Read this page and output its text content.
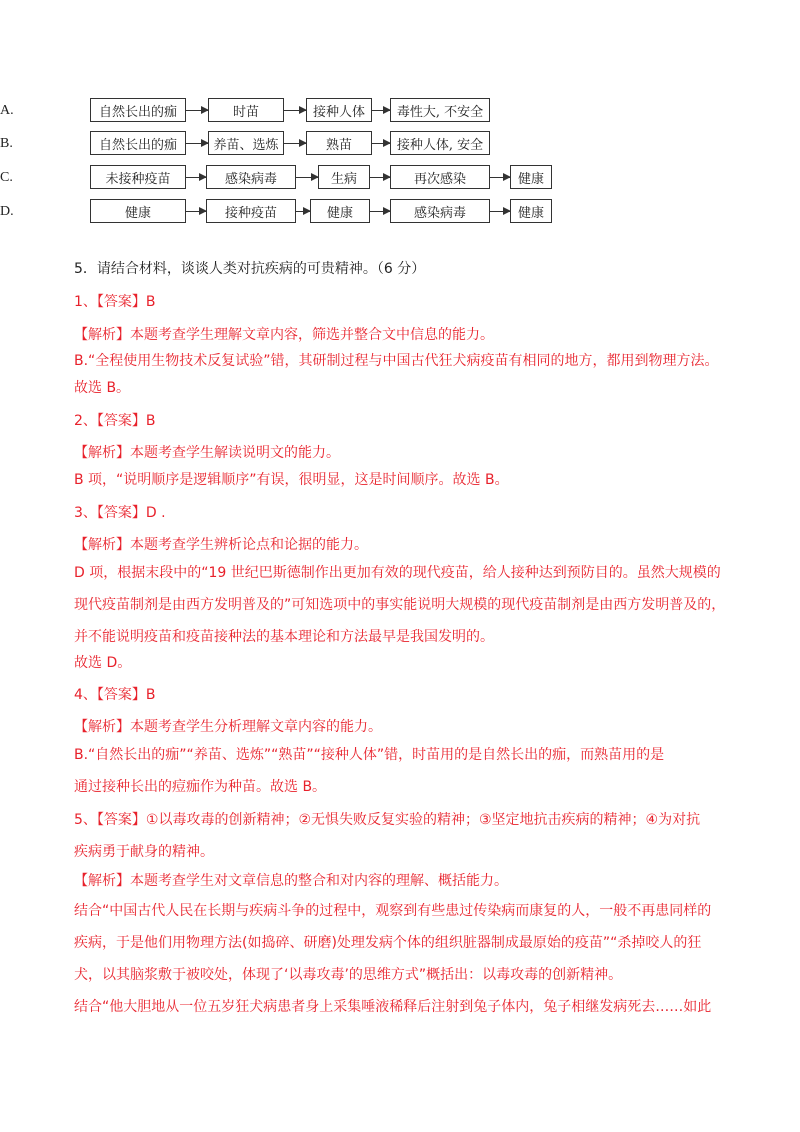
A.	自然长出的痂	时苗	接种人体	毒性大, 不安全
B.	自然长出的痂	养苗、选炼	熟苗	接种人体, 安全
C.	未接种疫苗	感染病毒	生病	再次感染	健康
D.	健康	接种疫苗	健康	感染病毒	健康
5．请结合材料，谈谈人类对抗疾病的可贵精神。（6 分）
1、【答案】B
【解析】本题考查学生理解文章内容，筛选并整合文中信息的能力。
B.“全程使用生物技术反复试验”错，其研制过程与中国古代狂犬病疫苗有相同的地方，都用到物理方法。
故选 B。
2、【答案】B
【解析】本题考查学生解读说明文的能力。
B 项，“说明顺序是逻辑顺序”有误，很明显，这是时间顺序。故选 B。
3、【答案】D .
【解析】本题考查学生辨析论点和论据的能力。
D 项，根据末段中的“19 世纪巴斯德制作出更加有效的现代疫苗，给人接种达到预防目的。虽然大规模的
现代疫苗制剂是由西方发明普及的”可知选项中的事实能说明大规模的现代疫苗制剂是由西方发明普及的，
并不能说明疫苗和疫苗接种法的基本理论和方法最早是我国发明的。
故选 D。
4、【答案】B
【解析】本题考查学生分析理解文章内容的能力。
B.“自然长出的痂”“养苗、选炼”“熟苗”“接种人体”错，时苗用的是自然长出的痂，而熟苗用的是
通过接种长出的痘痂作为种苗。故选 B。
5、【答案】①以毒攻毒的创新精神；②无惧失败反复实验的精神；③坚定地抗击疾病的精神；④为对抗
疾病勇于献身的精神。
【解析】本题考查学生对文章信息的整合和对内容的理解、概括能力。
结合“中国古代人民在长期与疾病斗争的过程中，观察到有些患过传染病而康复的人，一般不再患同样的
疾病，于是他们用物理方法(如捣碎、研磨)处理发病个体的组织脏器制成最原始的疫苗”“杀掉咬人的狂
犬，以其脑浆敷于被咬处，体现了‘以毒攻毒’的思维方式”概括出：以毒攻毒的创新精神。
结合“他大胆地从一位五岁狂犬病患者身上采集唾液稀释后注射到兔子体内，兔子相继发病死去……如此
